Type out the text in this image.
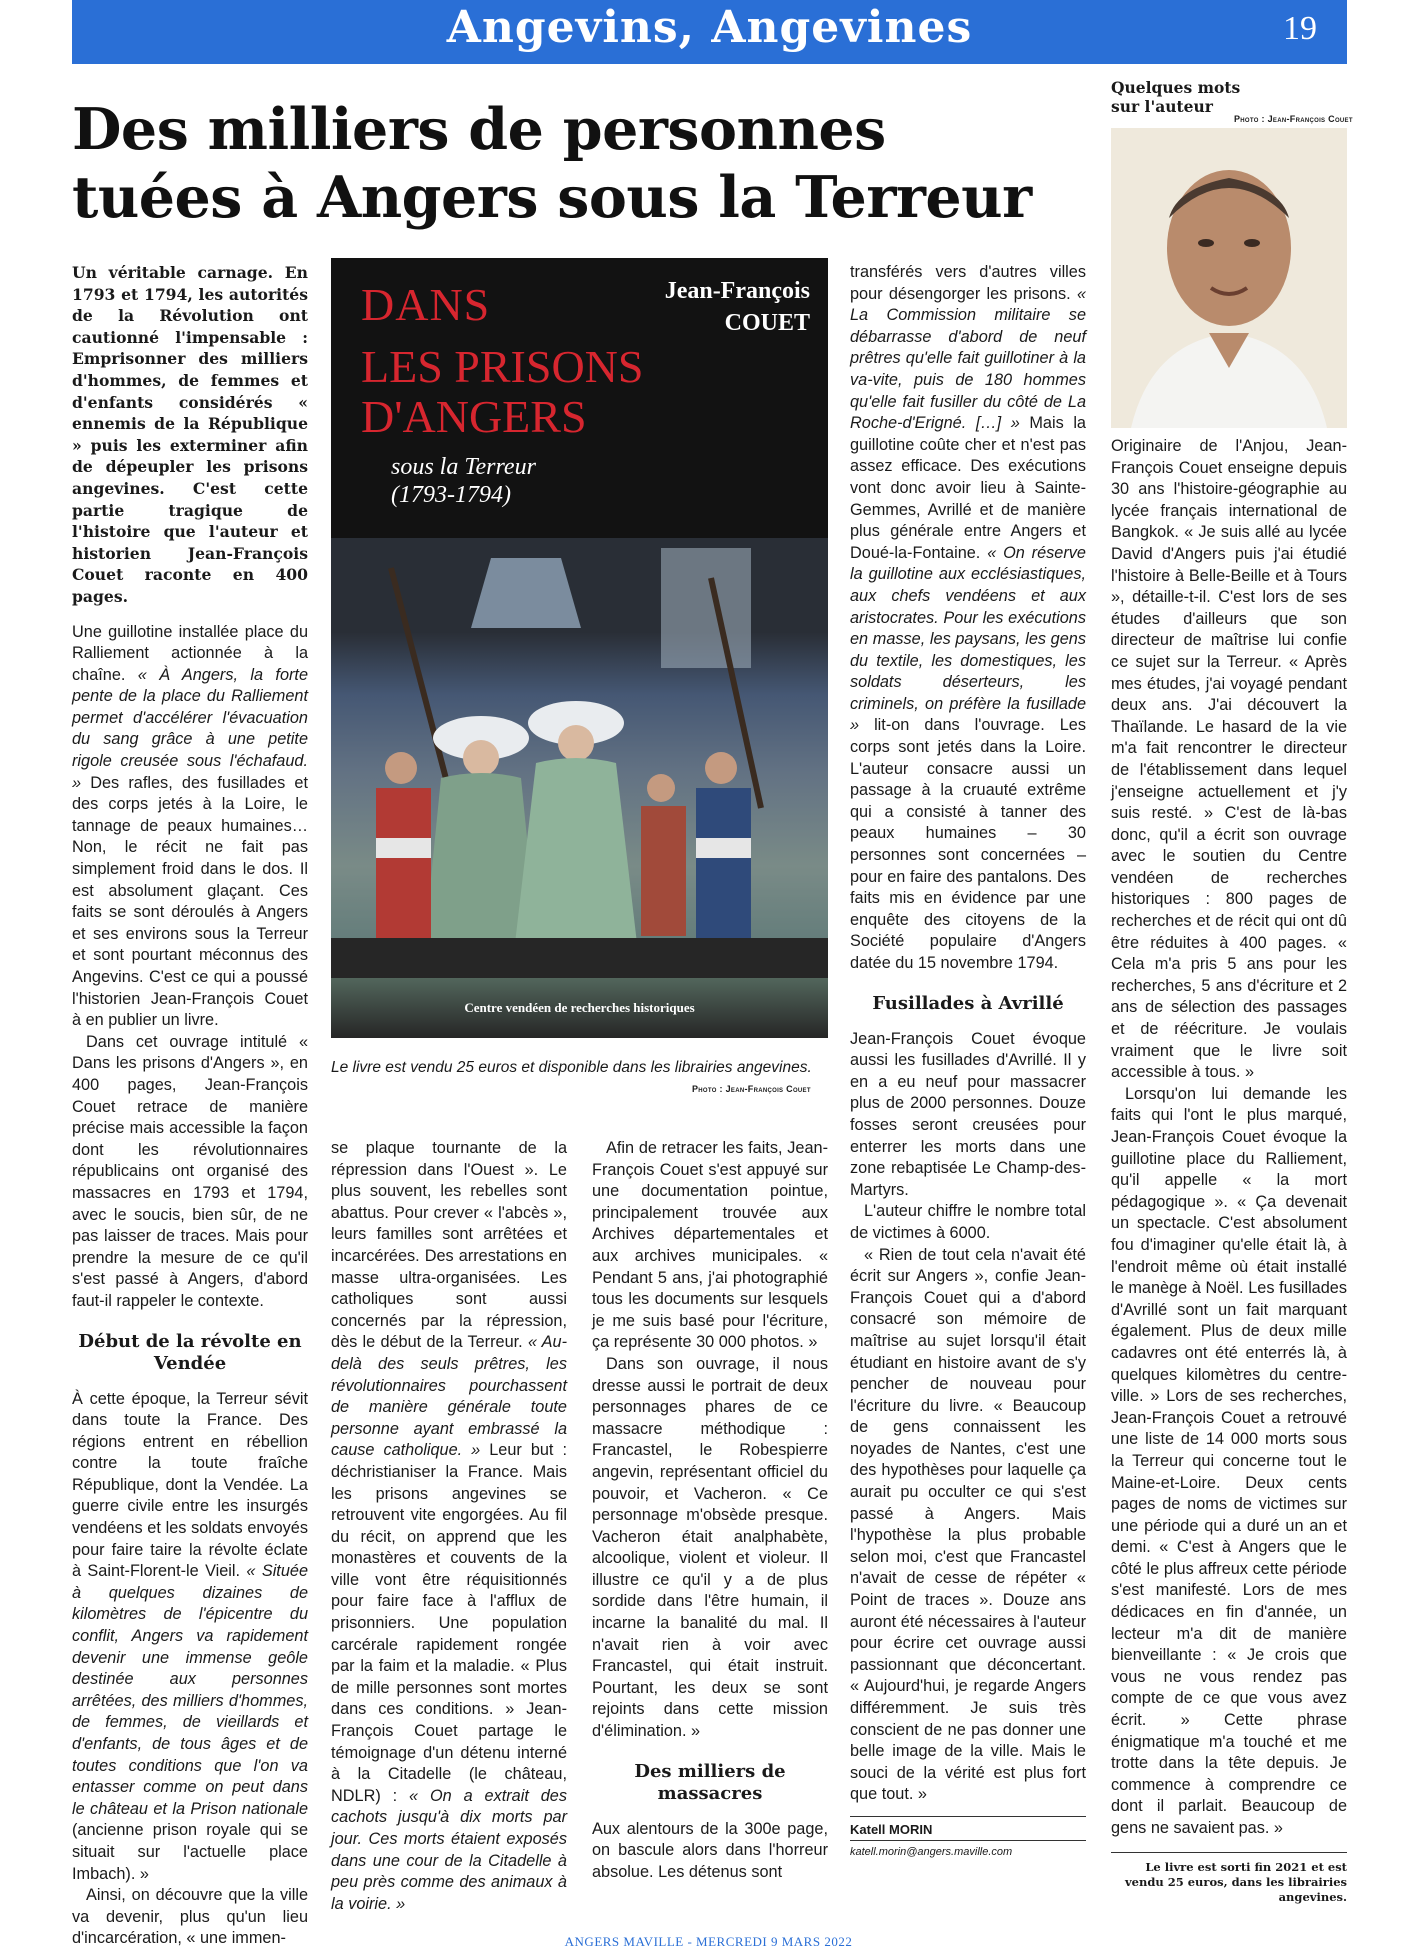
Angevins, Angevines	19
Des milliers de personnes tuées à Angers sous la Terreur

Un véritable carnage. En 1793 et 1794, les autorités de la Révolution ont cautionné l'impensable : Emprisonner des milliers d'hommes, de femmes et d'enfants considérés « ennemis de la République » puis les exterminer afin de dépeupler les prisons angevines. C'est cette partie tragique de l'histoire que l'auteur et historien Jean-François Couet raconte en 400 pages.

Une guillotine installée place du Ralliement actionnée à la chaîne. « À Angers, la forte pente de la place du Ralliement permet d'accélérer l'évacuation du sang grâce à une petite rigole creusée sous l'échafaud. » Des rafles, des fusillades et des corps jetés à la Loire, le tannage de peaux humaines… Non, le récit ne fait pas simplement froid dans le dos. Il est absolument glaçant. Ces faits se sont déroulés à Angers et ses environs sous la Terreur et sont pourtant méconnus des Angevins. C'est ce qui a poussé l'historien Jean-François Couet à en publier un livre.

Dans cet ouvrage intitulé « Dans les prisons d'Angers », en 400 pages, Jean-François Couet retrace de manière précise mais accessible la façon dont les révolutionnaires républicains ont organisé des massacres en 1793 et 1794, avec le soucis, bien sûr, de ne pas laisser de traces. Mais pour prendre la mesure de ce qu'il s'est passé à Angers, d'abord faut-il rappeler le contexte.

Début de la révolte en Vendée

À cette époque, la Terreur sévit dans toute la France. Des régions entrent en rébellion contre la toute fraîche République, dont la Vendée. La guerre civile entre les insurgés vendéens et les soldats envoyés pour faire taire la révolte éclate à Saint-Florent-le Vieil. « Située à quelques dizaines de kilomètres de l'épicentre du conflit, Angers va rapidement devenir une immense geôle destinée aux personnes arrêtées, des milliers d'hommes, de femmes, de vieillards et d'enfants, de tous âges et de toutes conditions que l'on va entasser comme on peut dans le château et la Prison nationale (ancienne prison royale qui se situait sur l'actuelle place Imbach). »

Ainsi, on découvre que la ville va devenir, plus qu'un lieu d'incarcération, « une immen-

DANS	Jean-François
COUET
LES PRISONS
D'ANGERS
sous la Terreur
(1793-1794)
Centre vendéen de recherches historiques
Le livre est vendu 25 euros et disponible dans les librairies angevines.
Photo : Jean-François Couet

se plaque tournante de la répression dans l'Ouest ». Le plus souvent, les rebelles sont abattus. Pour crever « l'abcès », leurs familles sont arrêtées et incarcérées. Des arrestations en masse ultra-organisées. Les catholiques sont aussi concernés par la répression, dès le début de la Terreur. « Au-delà des seuls prêtres, les révolutionnaires pourchassent de manière générale toute personne ayant embrassé la cause catholique. » Leur but : déchristianiser la France. Mais les prisons angevines se retrouvent vite engorgées. Au fil du récit, on apprend que les monastères et couvents de la ville vont être réquisitionnés pour faire face à l'afflux de prisonniers. Une population carcérale rapidement rongée par la faim et la maladie. « Plus de mille personnes sont mortes dans ces conditions. » Jean-François Couet partage le témoignage d'un détenu interné à la Citadelle (le château, NDLR) : « On a extrait des cachots jusqu'à dix morts par jour. Ces morts étaient exposés dans une cour de la Citadelle à peu près comme des animaux à la voirie. »

Afin de retracer les faits, Jean-François Couet s'est appuyé sur une documentation pointue, principalement trouvée aux Archives départementales et aux archives municipales. « Pendant 5 ans, j'ai photographié tous les documents sur lesquels je me suis basé pour l'écriture, ça représente 30 000 photos. »

Dans son ouvrage, il nous dresse aussi le portrait de deux personnages phares de ce massacre méthodique : Francastel, le Robespierre angevin, représentant officiel du pouvoir, et Vacheron. « Ce personnage m'obsède presque. Vacheron était analphabète, alcoolique, violent et violeur. Il illustre ce qu'il y a de plus sordide dans l'être humain, il incarne la banalité du mal. Il n'avait rien à voir avec Francastel, qui était instruit. Pourtant, les deux se sont rejoints dans cette mission d'élimination. »

Des milliers de massacres

Aux alentours de la 300e page, on bascule alors dans l'horreur absolue. Les détenus sont

transférés vers d'autres villes pour désengorger les prisons. « La Commission militaire se débarrasse d'abord de neuf prêtres qu'elle fait guillotiner à la va-vite, puis de 180 hommes qu'elle fait fusiller du côté de La Roche-d'Erigné. […] » Mais la guillotine coûte cher et n'est pas assez efficace. Des exécutions vont donc avoir lieu à Sainte-Gemmes, Avrillé et de manière plus générale entre Angers et Doué-la-Fontaine. « On réserve la guillotine aux ecclésiastiques, aux chefs vendéens et aux aristocrates. Pour les exécutions en masse, les paysans, les gens du textile, les domestiques, les soldats déserteurs, les criminels, on préfère la fusillade » lit-on dans l'ouvrage. Les corps sont jetés dans la Loire. L'auteur consacre aussi un passage à la cruauté extrême qui a consisté à tanner des peaux humaines – 30 personnes sont concernées – pour en faire des pantalons. Des faits mis en évidence par une enquête des citoyens de la Société populaire d'Angers datée du 15 novembre 1794.

Fusillades à Avrillé

Jean-François Couet évoque aussi les fusillades d'Avrillé. Il y en a eu neuf pour massacrer plus de 2000 personnes. Douze fosses seront creusées pour enterrer les morts dans une zone rebaptisée Le Champ-des-Martyrs.

L'auteur chiffre le nombre total de victimes à 6000.

« Rien de tout cela n'avait été écrit sur Angers », confie Jean-François Couet qui a d'abord consacré son mémoire de maîtrise au sujet lorsqu'il était étudiant en histoire avant de s'y pencher de nouveau pour l'écriture du livre. « Beaucoup de gens connaissent les noyades de Nantes, c'est une des hypothèses pour laquelle ça aurait pu occulter ce qui s'est passé à Angers. Mais l'hypothèse la plus probable selon moi, c'est que Francastel n'avait de cesse de répéter « Point de traces ». Douze ans auront été nécessaires à l'auteur pour écrire cet ouvrage aussi passionnant que déconcertant. « Aujourd'hui, je regarde Angers différemment. Je suis très conscient de ne pas donner une belle image de la ville. Mais le souci de la vérité est plus fort que tout. »

Katell MORIN
katell.morin@angers.maville.com
Quelques mots
sur l'auteur
Photo : Jean-François Couet

Originaire de l'Anjou, Jean-François Couet enseigne depuis 30 ans l'histoire-géographie au lycée français international de Bangkok. « Je suis allé au lycée David d'Angers puis j'ai étudié l'histoire à Belle-Beille et à Tours », détaille-t-il. C'est lors de ses études d'ailleurs que son directeur de maîtrise lui confie ce sujet sur la Terreur. « Après mes études, j'ai voyagé pendant deux ans. J'ai découvert la Thaïlande. Le hasard de la vie m'a fait rencontrer le directeur de l'établissement dans lequel j'enseigne actuellement et j'y suis resté. » C'est de là-bas donc, qu'il a écrit son ouvrage avec le soutien du Centre vendéen de recherches historiques : 800 pages de recherches et de récit qui ont dû être réduites à 400 pages. « Cela m'a pris 5 ans pour les recherches, 5 ans d'écriture et 2 ans de sélection des passages et de réécriture. Je voulais vraiment que le livre soit accessible à tous. »

Lorsqu'on lui demande les faits qui l'ont le plus marqué, Jean-François Couet évoque la guillotine place du Ralliement, qu'il appelle « la mort pédagogique ». « Ça devenait un spectacle. C'est absolument fou d'imaginer qu'elle était là, à l'endroit même où était installé le manège à Noël. Les fusillades d'Avrillé sont un fait marquant également. Plus de deux mille cadavres ont été enterrés là, à quelques kilomètres du centre-ville. » Lors de ses recherches, Jean-François Couet a retrouvé une liste de 14 000 morts sous la Terreur qui concerne tout le Maine-et-Loire. Deux cents pages de noms de victimes sur une période qui a duré un an et demi. « C'est à Angers que le côté le plus affreux cette période s'est manifesté. Lors de mes dédicaces en fin d'année, un lecteur m'a dit de manière bienveillante : « Je crois que vous ne vous rendez pas compte de ce que vous avez écrit. » Cette phrase énigmatique m'a touché et me trotte dans la tête depuis. Je commence à comprendre ce dont il parlait. Beaucoup de gens ne savaient pas. »

Le livre est sorti fin 2021 et est vendu 25 euros, dans les librairies angevines.
ANGERS MAVILLE - MERCREDI 9 MARS 2022
